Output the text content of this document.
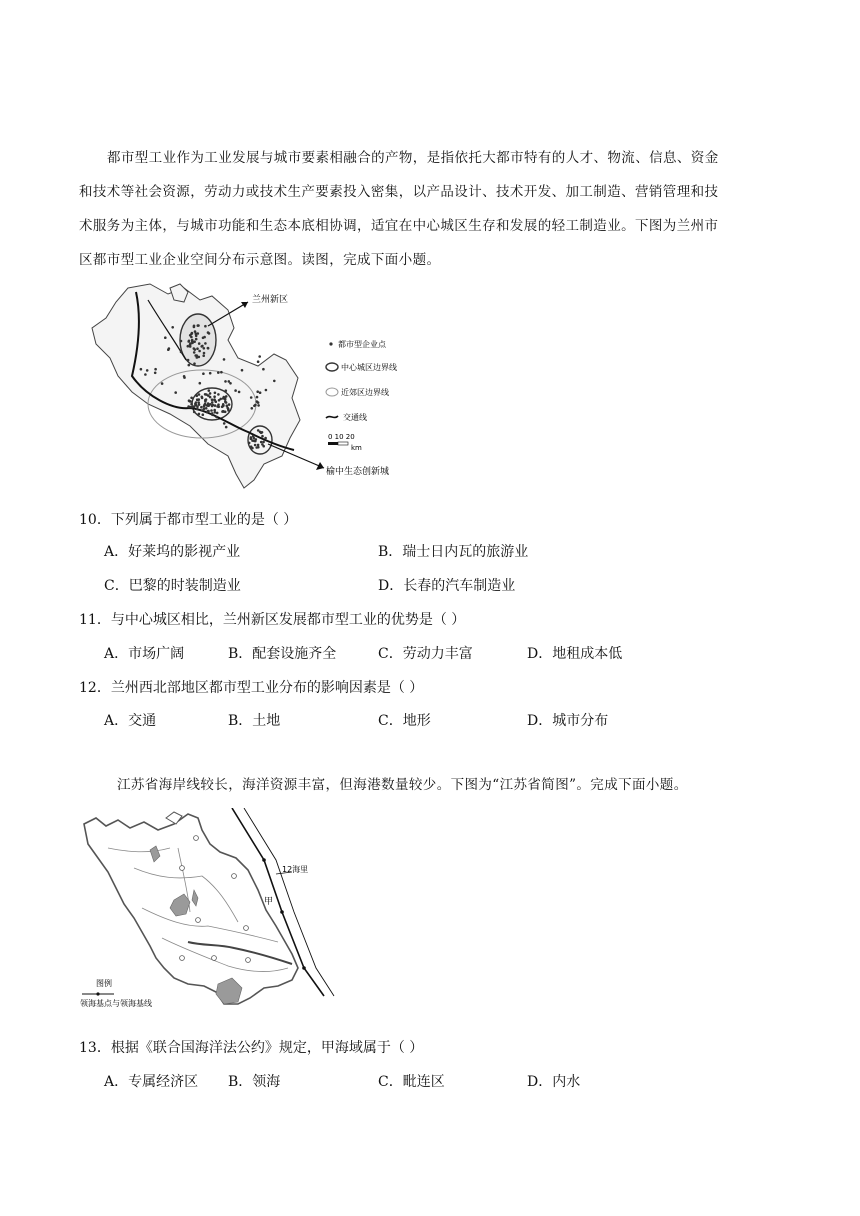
都市型工业作为工业发展与城市要素相融合的产物，是指依托大都市特有的人才、物流、信息、资金
和技术等社会资源，劳动力或技术生产要素投入密集，以产品设计、技术开发、加工制造、营销管理和技
术服务为主体，与城市功能和生态本底相协调，适宜在中心城区生存和发展的轻工制造业。下图为兰州市
区都市型工业企业空间分布示意图。读图，完成下面小题。
兰州新区
榆中生态创新城
都市型企业点
中心城区边界线
近郊区边界线
交通线
0 10 20
km
10．下列属于都市型工业的是（ ）
A．好莱坞的影视产业	B．瑞士日内瓦的旅游业
C．巴黎的时装制造业	D．长春的汽车制造业
11．与中心城区相比，兰州新区发展都市型工业的优势是（ ）
A．市场广阔	B．配套设施齐全	C．劳动力丰富	D．地租成本低
12．兰州西北部地区都市型工业分布的影响因素是（ ）
A．交通	B．土地	C．地形	D．城市分布
江苏省海岸线较长，海洋资源丰富，但海港数量较少。下图为“江苏省简图”。完成下面小题。
12海里
甲
图例
领海基点与领海基线
13．根据《联合国海洋法公约》规定，甲海域属于（ ）
A．专属经济区 B．领海	C．毗连区	D．内水
